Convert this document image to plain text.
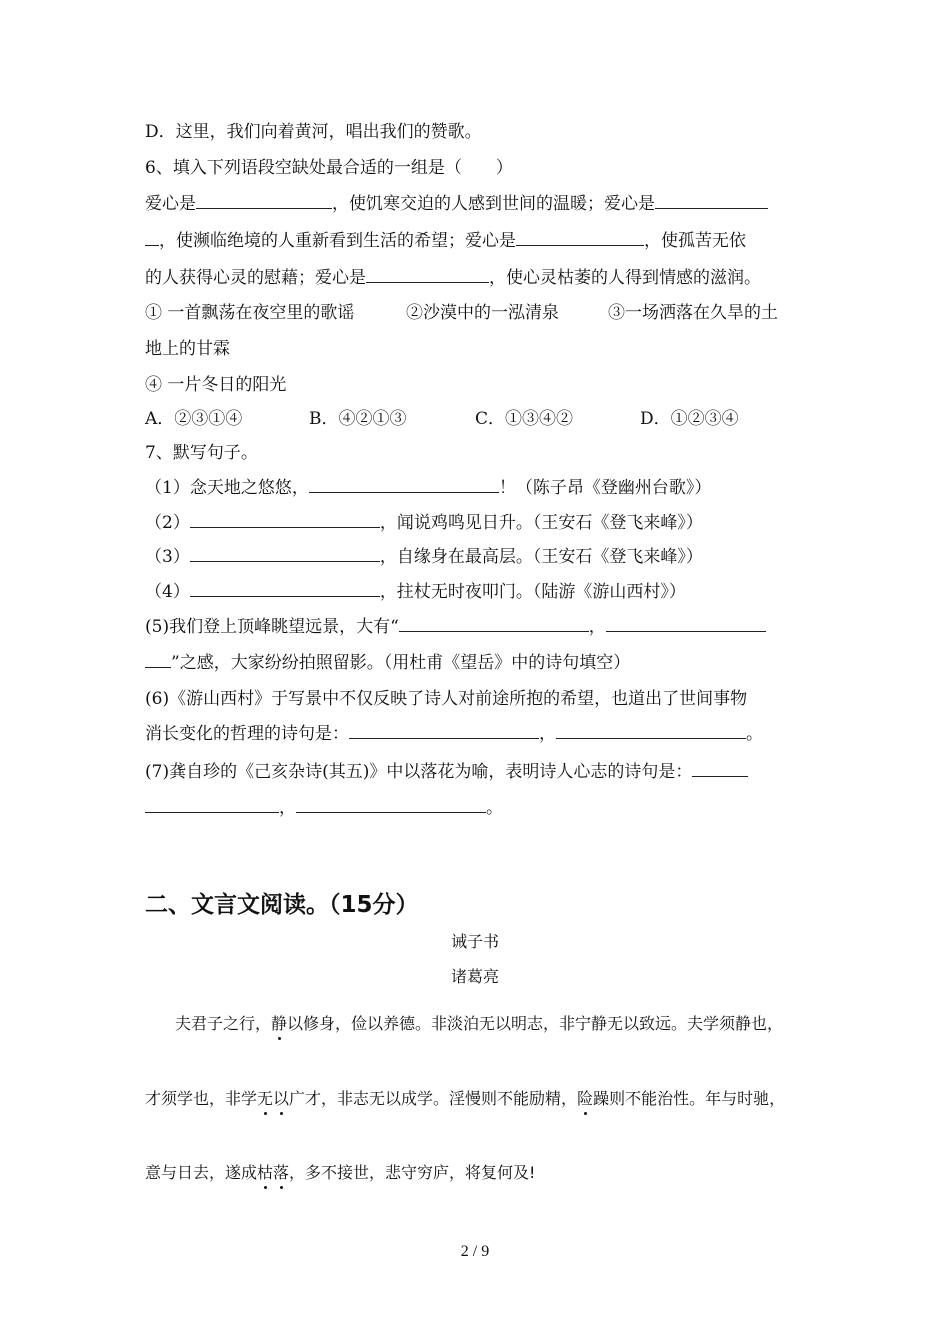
D．这里，我们向着黄河，唱出我们的赞歌。
6、填入下列语段空缺处最合适的一组是（　　）
爱心是	，使饥寒交迫的人感到世间的温暖；爱心是
，使濒临绝境的人重新看到生活的希望；爱心是	，使孤苦无依
的人获得心灵的慰藉；爱心是	，使心灵枯萎的人得到情感的滋润。
① 一首飘荡在夜空里的歌谣	②沙漠中的一泓清泉	③一场洒落在久旱的土
地上的甘霖
④ 一片冬日的阳光
A．②③①④	B．④②①③	C．①③④②	D．①②③④
7、默写句子。
（1）念天地之悠悠，	！（陈子昂《登幽州台歌》）
（2）	，闻说鸡鸣见日升。（王安石《登飞来峰》）
（3）	，自缘身在最高层。（王安石《登飞来峰》）
（4）	，拄杖无时夜叩门。（陆游《游山西村》）
(5)我们登上顶峰眺望远景，大有“	，
”之感，大家纷纷拍照留影。（用杜甫《望岳》中的诗句填空）
(6)《游山西村》于写景中不仅反映了诗人对前途所抱的希望，也道出了世间事物
消长变化的哲理的诗句是：	，	。
(7)龚自珍的《己亥杂诗(其五)》中以落花为喻，表明诗人心志的诗句是：
，	。
二、文言文阅读。（15分）
诫子书
诸葛亮
夫君子之行，静以修身，俭以养德。非淡泊无以明志，非宁静无以致远。夫学须静也，
才须学也，非学无以广才，非志无以成学。淫慢则不能励精，险躁则不能治性。年与时驰，
意与日去，遂成枯落，多不接世，悲守穷庐，将复何及!
2 / 9
